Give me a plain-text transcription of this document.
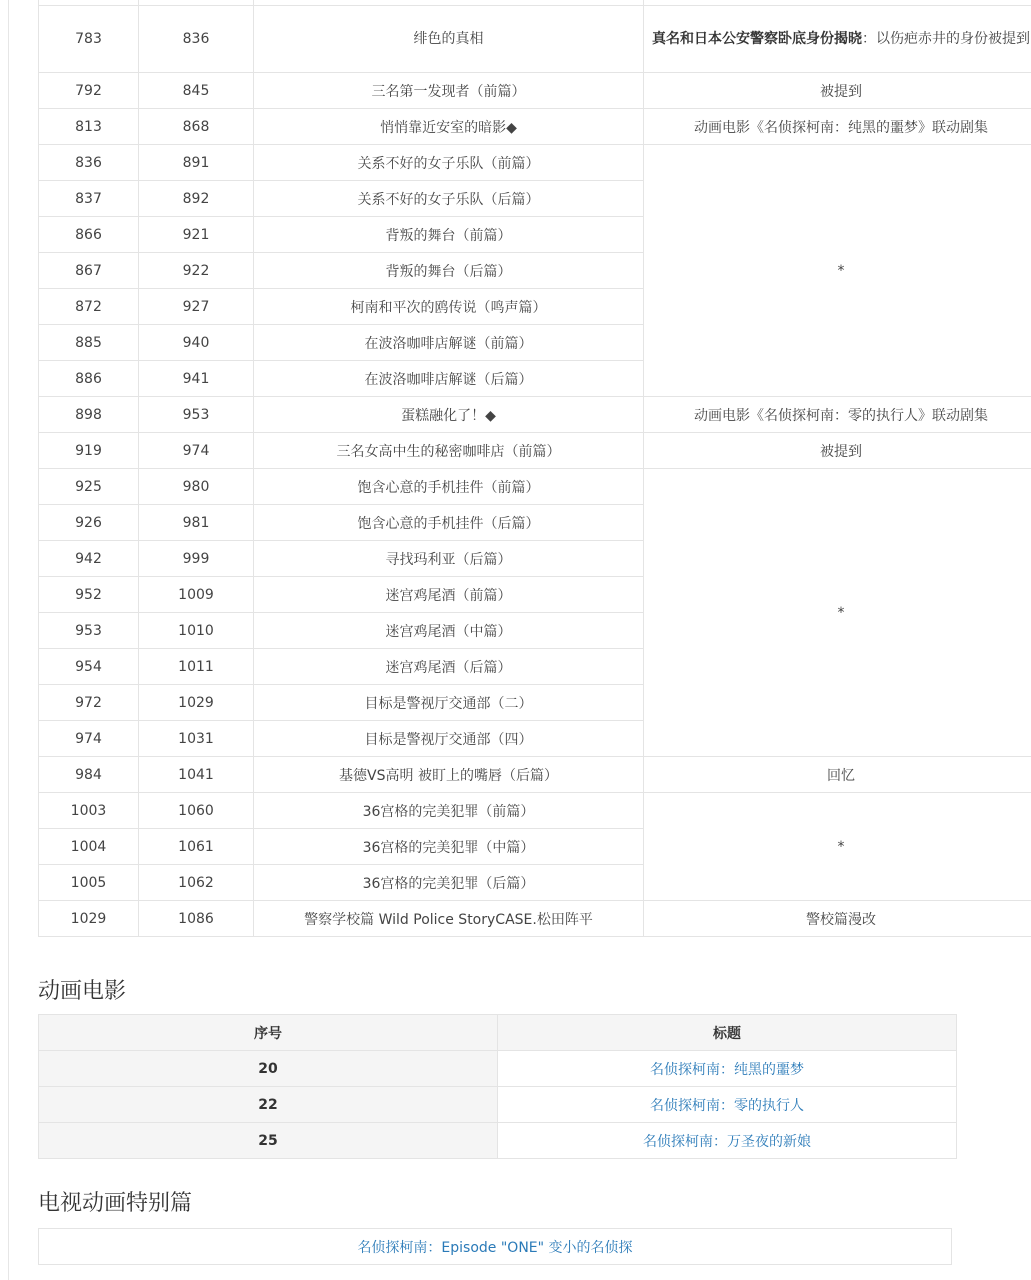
783	836	绯色的真相	真名和日本公安警察卧底身份揭晓：以伤疤赤井的身份被提到
792	845	三名第一发现者（前篇）	被提到
813	868	悄悄靠近安室的暗影◆	动画电影《名侦探柯南：纯黑的噩梦》联动剧集
836	891	关系不好的女子乐队（前篇）	*
837	892	关系不好的女子乐队（后篇）	
866	921	背叛的舞台（前篇）	
867	922	背叛的舞台（后篇）	
872	927	柯南和平次的鸥传说（鸣声篇）	
885	940	在波洛咖啡店解谜（前篇）	
886	941	在波洛咖啡店解谜（后篇）	
898	953	蛋糕融化了！◆	动画电影《名侦探柯南：零的执行人》联动剧集
919	974	三名女高中生的秘密咖啡店（前篇）	被提到
925	980	饱含心意的手机挂件（前篇）	*
926	981	饱含心意的手机挂件（后篇）	
942	999	寻找玛利亚（后篇）	
952	1009	迷宫鸡尾酒（前篇）	
953	1010	迷宫鸡尾酒（中篇）	
954	1011	迷宫鸡尾酒（后篇）	
972	1029	目标是警视厅交通部（二）	
974	1031	目标是警视厅交通部（四）	
984	1041	基德VS高明 被盯上的嘴唇（后篇）	回忆
1003	1060	36宫格的完美犯罪（前篇）	*
1004	1061	36宫格的完美犯罪（中篇）	
1005	1062	36宫格的完美犯罪（后篇）	
1029	1086	警察学校篇 Wild Police StoryCASE.松田阵平	警校篇漫改
动画电影
序号	标题
20	名侦探柯南：纯黑的噩梦
22	名侦探柯南：零的执行人
25	名侦探柯南：万圣夜的新娘
电视动画特别篇
名侦探柯南：Episode "ONE" 变小的名侦探
